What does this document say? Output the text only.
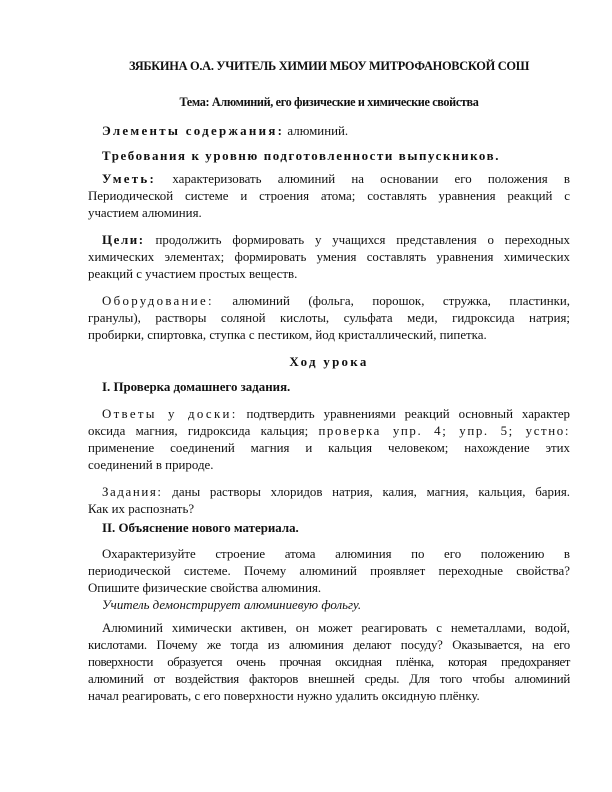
ЗЯБКИНА О.А. УЧИТЕЛЬ ХИМИИ МБОУ МИТРОФАНОВСКОЙ СОШ
Тема: Алюминий, его физические и химические свойства
Элементы содержания: алюминий.
Требования к уровню подготовленности выпускников.
Уметь: характеризовать алюминий на основании его положения в
Периодической системе и строения атома; составлять уравнения реакций с
участием алюминия.
Цели: продолжить формировать у учащихся представления о переходных
химических элементах; формировать умения составлять уравнения химических
реакций с участием простых веществ.
Оборудование: алюминий (фольга, порошок, стружка, пластинки,
гранулы), растворы соляной кислоты, сульфата меди, гидроксида натрия;
пробирки, спиртовка, ступка с пестиком, йод кристаллический, пипетка.
Ход урока
I. Проверка домашнего задания.
Ответы у доски: подтвердить уравнениями реакций основный характер
оксида магния, гидроксида кальция; проверка упр. 4; упр. 5; устно:
применение соединений магния и кальция человеком; нахождение этих
соединений в природе.
Задания: даны растворы хлоридов натрия, калия, магния, кальция, бария.
Как их распознать?
II. Объяснение нового материала.
Охарактеризуйте строение атома алюминия по его положению в
периодической системе. Почему алюминий проявляет переходные свойства?
Опишите физические свойства алюминия.
Учитель демонстрирует алюминиевую фольгу.
Алюминий химически активен, он может реагировать с неметаллами, водой,
кислотами. Почему же тогда из алюминия делают посуду? Оказывается, на его
поверхности образуется очень прочная оксидная плёнка, которая предохраняет
алюминий от воздействия факторов внешней среды. Для того чтобы алюминий
начал реагировать, с его поверхности нужно удалить оксидную плёнку.
